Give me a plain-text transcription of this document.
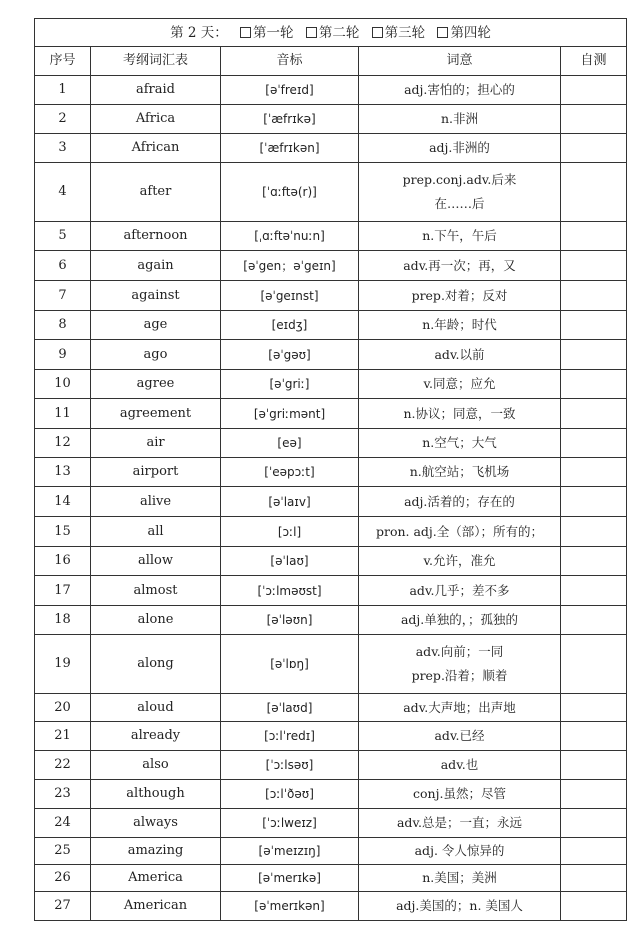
第 2 天： 第一轮 第二轮 第三轮 第四轮				
序号	考纲词汇表	音标	词意	自测
1	afraid	[əˈfreɪd]	adj.害怕的；担心的	
2	Africa	[ˈæfrɪkə]	n.非洲	
3	African	[ˈæfrɪkən]	adj.非洲的	
4	after	[ˈɑːftə(r)]	prep.conj.adv.后来
在……后	

5	afternoon	[ˌɑːftəˈnuːn]	n.下午，午后	
6	again	[əˈgen；əˈgeɪn]	adv.再一次；再，又	
7	against	[əˈgeɪnst]	prep.对着；反对	
8	age	[eɪdʒ]	n.年龄；时代	
9	ago	[əˈgəʊ]	adv.以前	
10	agree	[əˈgriː]	v.同意；应允	
11	agreement	[əˈgriːmənt]	n.协议；同意，一致	
12	air	[eə]	n.空气；大气	
13	airport	[ˈeəpɔːt]	n.航空站；飞机场	
14	alive	[əˈlaɪv]	adj.活着的；存在的	
15	all	[ɔːl]	pron. adj.全（部）；所有的；	
16	allow	[əˈlaʊ]	v.允许，准允	
17	almost	[ˈɔːlməʊst]	adv.几乎；差不多	
18	alone	[əˈləʊn]	adj.单独的，；孤独的	
19	along	[əˈlɒŋ]	adv.向前；一同
prep.沿着；顺着	

20	aloud	[əˈlaʊd]	adv.大声地；出声地	
21	already	[ɔːlˈredɪ]	adv.已经	
22	also	[ˈɔːlsəʊ]	adv.也	
23	although	[ɔːlˈðəʊ]	conj.虽然；尽管	
24	always	[ˈɔːlweɪz]	adv.总是；一直；永远	
25	amazing	[əˈmeɪzɪŋ]	adj. 令人惊异的	
26	America	[əˈmerɪkə]	n.美国；美洲	
27	American	[əˈmerɪkən]	adj.美国的；n. 美国人	
